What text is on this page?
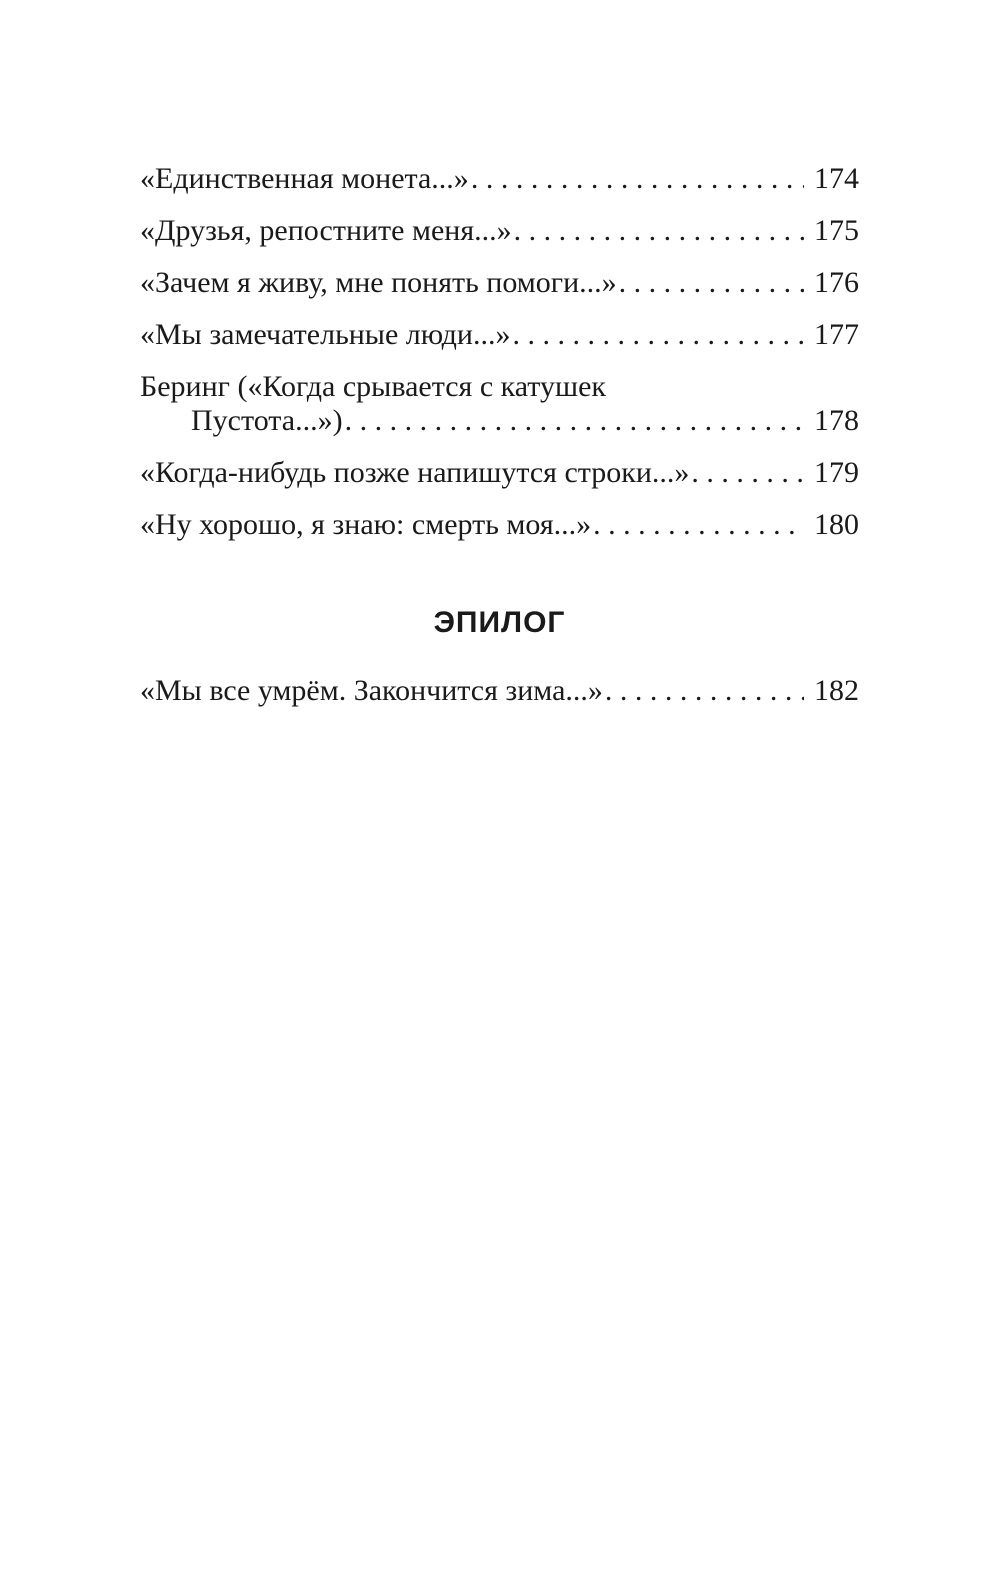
«Единственная монета...» . . .	174
«Друзья, репостните меня...» . . .	175
«Зачем я живу, мне понять помоги...» . . .	176
«Мы замечательные люди...» . . .	177
Беринг («Когда срывается с катушек
Пустота...») . . .	178
«Когда-нибудь позже напишутся строки...» . . .	179
«Ну хорошо, я знаю: смерть моя...» . . .	180
ЭПИЛОГ
«Мы все умрём. Закончится зима...» . . .	182
